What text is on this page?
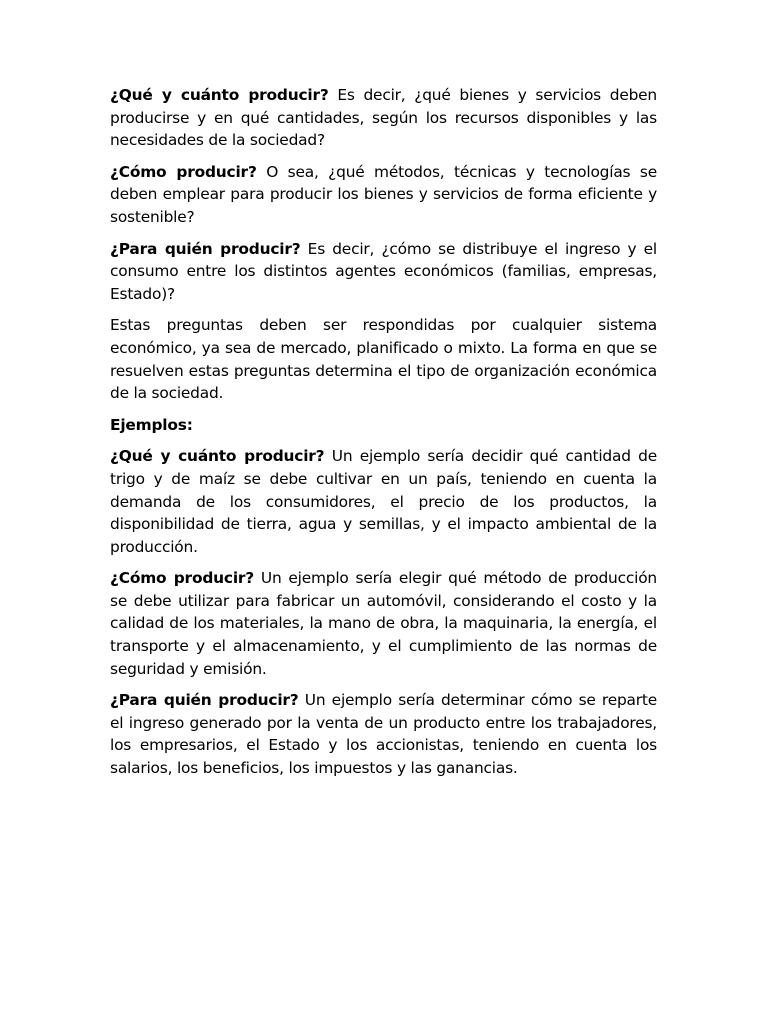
¿Qué y cuánto producir? Es decir, ¿qué bienes y servicios deben producirse y en qué cantidades, según los recursos disponibles y las necesidades de la sociedad?

¿Cómo producir? O sea, ¿qué métodos, técnicas y tecnologías se deben emplear para producir los bienes y servicios de forma eficiente y sostenible?

¿Para quién producir? Es decir, ¿cómo se distribuye el ingreso y el consumo entre los distintos agentes económicos (familias, empresas, Estado)?

Estas preguntas deben ser respondidas por cualquier sistema económico, ya sea de mercado, planificado o mixto. La forma en que se resuelven estas preguntas determina el tipo de organización económica de la sociedad.

Ejemplos:

¿Qué y cuánto producir? Un ejemplo sería decidir qué cantidad de trigo y de maíz se debe cultivar en un país, teniendo en cuenta la demanda de los consumidores, el precio de los productos, la disponibilidad de tierra, agua y semillas, y el impacto ambiental de la producción.

¿Cómo producir? Un ejemplo sería elegir qué método de producción se debe utilizar para fabricar un automóvil, considerando el costo y la calidad de los materiales, la mano de obra, la maquinaria, la energía, el transporte y el almacenamiento, y el cumplimiento de las normas de seguridad y emisión.

¿Para quién producir? Un ejemplo sería determinar cómo se reparte el ingreso generado por la venta de un producto entre los trabajadores, los empresarios, el Estado y los accionistas, teniendo en cuenta los salarios, los beneficios, los impuestos y las ganancias.
